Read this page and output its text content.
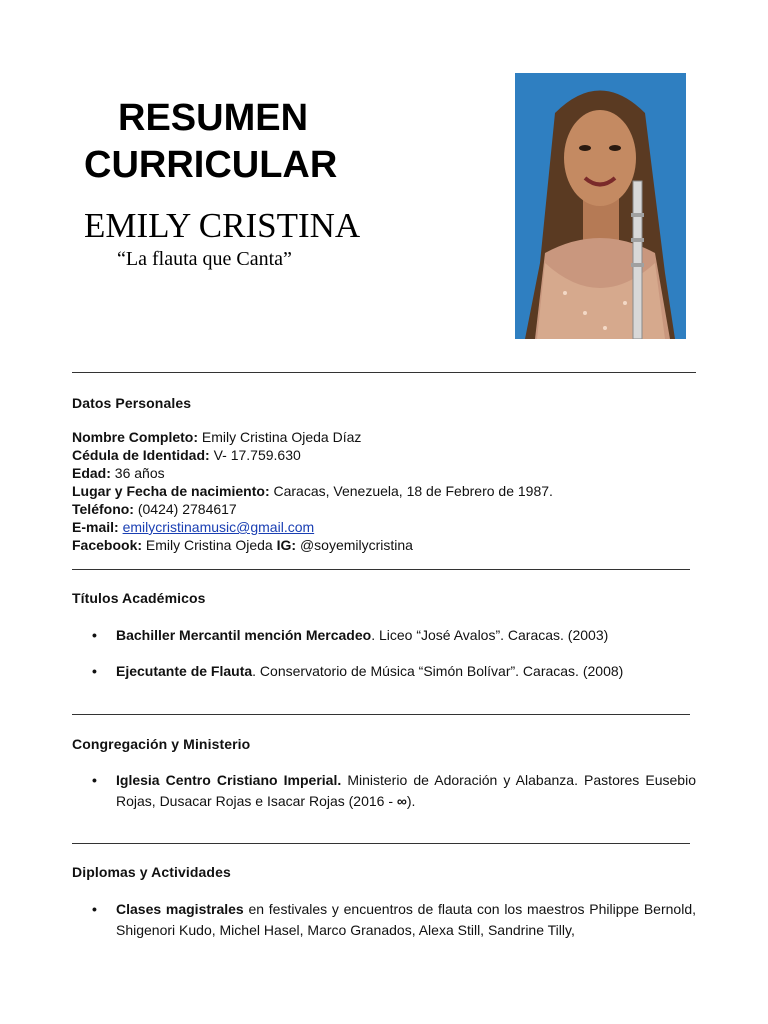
RESUMEN
CURRICULAR
EMILY CRISTINA

“La flauta que Canta”

Datos Personales
Nombre Completo: Emily Cristina Ojeda Díaz
Cédula de Identidad: V- 17.759.630
Edad: 36 años
Lugar y Fecha de nacimiento: Caracas, Venezuela, 18 de Febrero de 1987.
Teléfono: (0424) 2784617
E-mail: emilycristinamusic@gmail.com
Facebook: Emily Cristina Ojeda IG: @soyemilycristina
Títulos Académicos
•	Bachiller Mercantil mención Mercadeo. Liceo “José Avalos”. Caracas. (2003)
•	Ejecutante de Flauta. Conservatorio de Música “Simón Bolívar”. Caracas. (2008)
Congregación y Ministerio
•	Iglesia Centro Cristiano Imperial. Ministerio de Adoración y Alabanza. Pastores Eusebio Rojas, Dusacar Rojas e Isacar Rojas (2016 - ∞).
Diplomas y Actividades
•	Clases magistrales en festivales y encuentros de flauta con los maestros Philippe Bernold, Shigenori Kudo, Michel Hasel, Marco Granados, Alexa Still, Sandrine Tilly,
